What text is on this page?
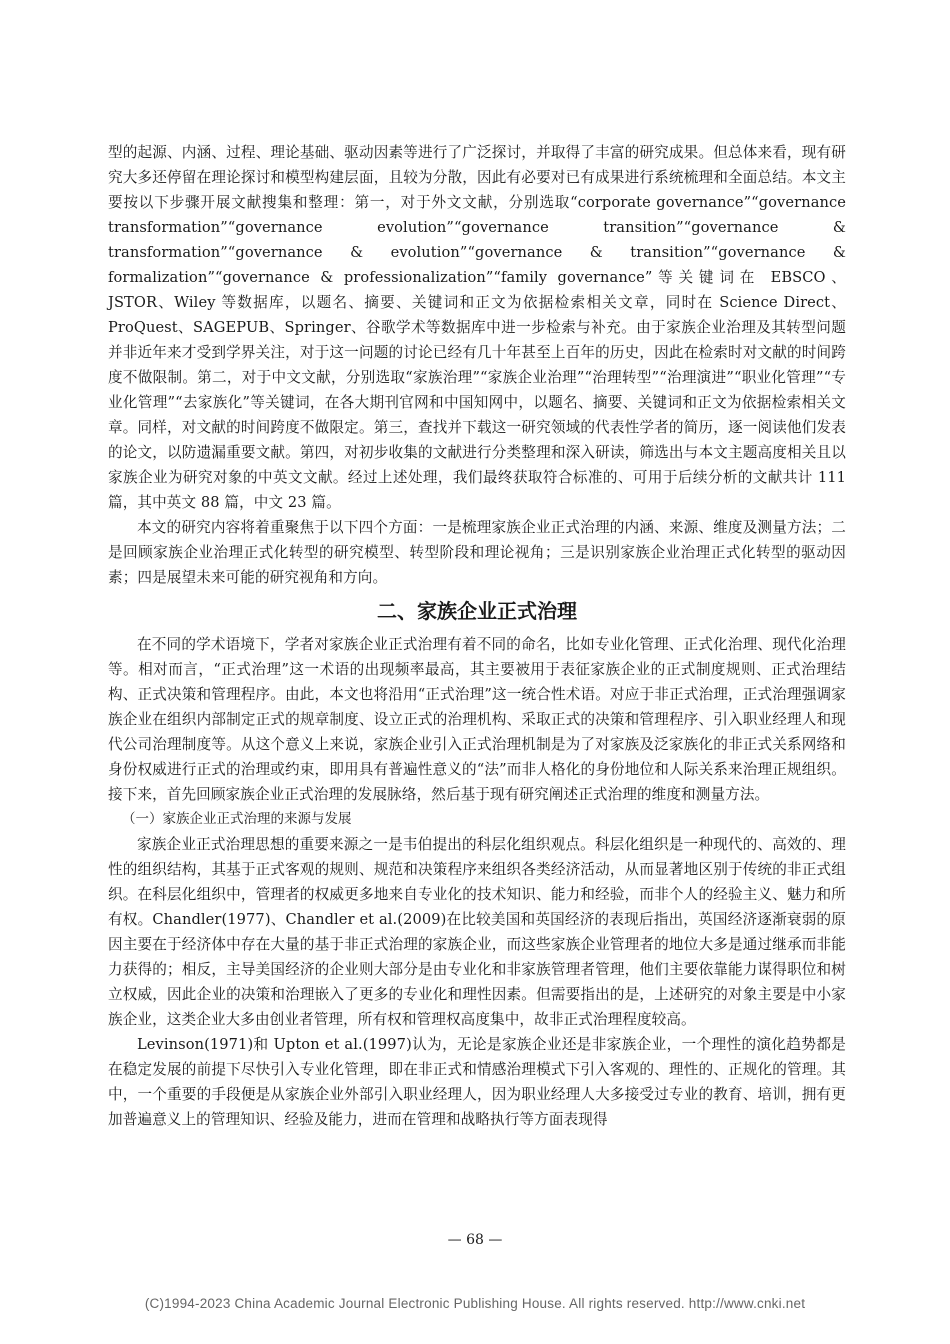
型的起源、内涵、过程、理论基础、驱动因素等进行了广泛探讨，并取得了丰富的研究成果。但总体来看，现有研究大多还停留在理论探讨和模型构建层面，且较为分散，因此有必要对已有成果进行系统梳理和全面总结。本文主要按以下步骤开展文献搜集和整理：第一，对于外文文献，分别选取“corporate governance”“governance transformation”“governance evolution”“governance transition”“governance & transformation”“governance & evolution”“governance & transition”“governance & formalization”“governance & professionalization”“family governance”等关键词在 EBSCO、JSTOR、Wiley 等数据库，以题名、摘要、关键词和正文为依据检索相关文章，同时在 Science Direct、ProQuest、SAGEPUB、Springer、谷歌学术等数据库中进一步检索与补充。由于家族企业治理及其转型问题并非近年来才受到学界关注，对于这一问题的讨论已经有几十年甚至上百年的历史，因此在检索时对文献的时间跨度不做限制。第二，对于中文文献，分别选取“家族治理”“家族企业治理”“治理转型”“治理演进”“职业化管理”“专业化管理”“去家族化”等关键词，在各大期刊官网和中国知网中，以题名、摘要、关键词和正文为依据检索相关文章。同样，对文献的时间跨度不做限定。第三，查找并下载这一研究领域的代表性学者的简历，逐一阅读他们发表的论文，以防遗漏重要文献。第四，对初步收集的文献进行分类整理和深入研读，筛选出与本文主题高度相关且以家族企业为研究对象的中英文文献。经过上述处理，我们最终获取符合标准的、可用于后续分析的文献共计 111 篇，其中英文 88 篇，中文 23 篇。

本文的研究内容将着重聚焦于以下四个方面：一是梳理家族企业正式治理的内涵、来源、维度及测量方法；二是回顾家族企业治理正式化转型的研究模型、转型阶段和理论视角；三是识别家族企业治理正式化转型的驱动因素；四是展望未来可能的研究视角和方向。

二、家族企业正式治理

在不同的学术语境下，学者对家族企业正式治理有着不同的命名，比如专业化管理、正式化治理、现代化治理等。相对而言，“正式治理”这一术语的出现频率最高，其主要被用于表征家族企业的正式制度规则、正式治理结构、正式决策和管理程序。由此，本文也将沿用“正式治理”这一统合性术语。对应于非正式治理，正式治理强调家族企业在组织内部制定正式的规章制度、设立正式的治理机构、采取正式的决策和管理程序、引入职业经理人和现代公司治理制度等。从这个意义上来说，家族企业引入正式治理机制是为了对家族及泛家族化的非正式关系网络和身份权威进行正式的治理或约束，即用具有普遍性意义的“法”而非人格化的身份地位和人际关系来治理正规组织。接下来，首先回顾家族企业正式治理的发展脉络，然后基于现有研究阐述正式治理的维度和测量方法。

（一）家族企业正式治理的来源与发展

家族企业正式治理思想的重要来源之一是韦伯提出的科层化组织观点。科层化组织是一种现代的、高效的、理性的组织结构，其基于正式客观的规则、规范和决策程序来组织各类经济活动，从而显著地区别于传统的非正式组织。在科层化组织中，管理者的权威更多地来自专业化的技术知识、能力和经验，而非个人的经验主义、魅力和所有权。Chandler(1977)、Chandler et al.(2009)在比较美国和英国经济的表现后指出，英国经济逐渐衰弱的原因主要在于经济体中存在大量的基于非正式治理的家族企业，而这些家族企业管理者的地位大多是通过继承而非能力获得的；相反，主导美国经济的企业则大部分是由专业化和非家族管理者管理，他们主要依靠能力谋得职位和树立权威，因此企业的决策和治理嵌入了更多的专业化和理性因素。但需要指出的是，上述研究的对象主要是中小家族企业，这类企业大多由创业者管理，所有权和管理权高度集中，故非正式治理程度较高。

Levinson(1971)和 Upton et al.(1997)认为，无论是家族企业还是非家族企业，一个理性的演化趋势都是在稳定发展的前提下尽快引入专业化管理，即在非正式和情感治理模式下引入客观的、理性的、正规化的管理。其中，一个重要的手段便是从家族企业外部引入职业经理人，因为职业经理人大多接受过专业的教育、培训，拥有更加普遍意义上的管理知识、经验及能力，进而在管理和战略执行等方面表现得

— 68 —
(C)1994-2023 China Academic Journal Electronic Publishing House. All rights reserved. http://www.cnki.net
